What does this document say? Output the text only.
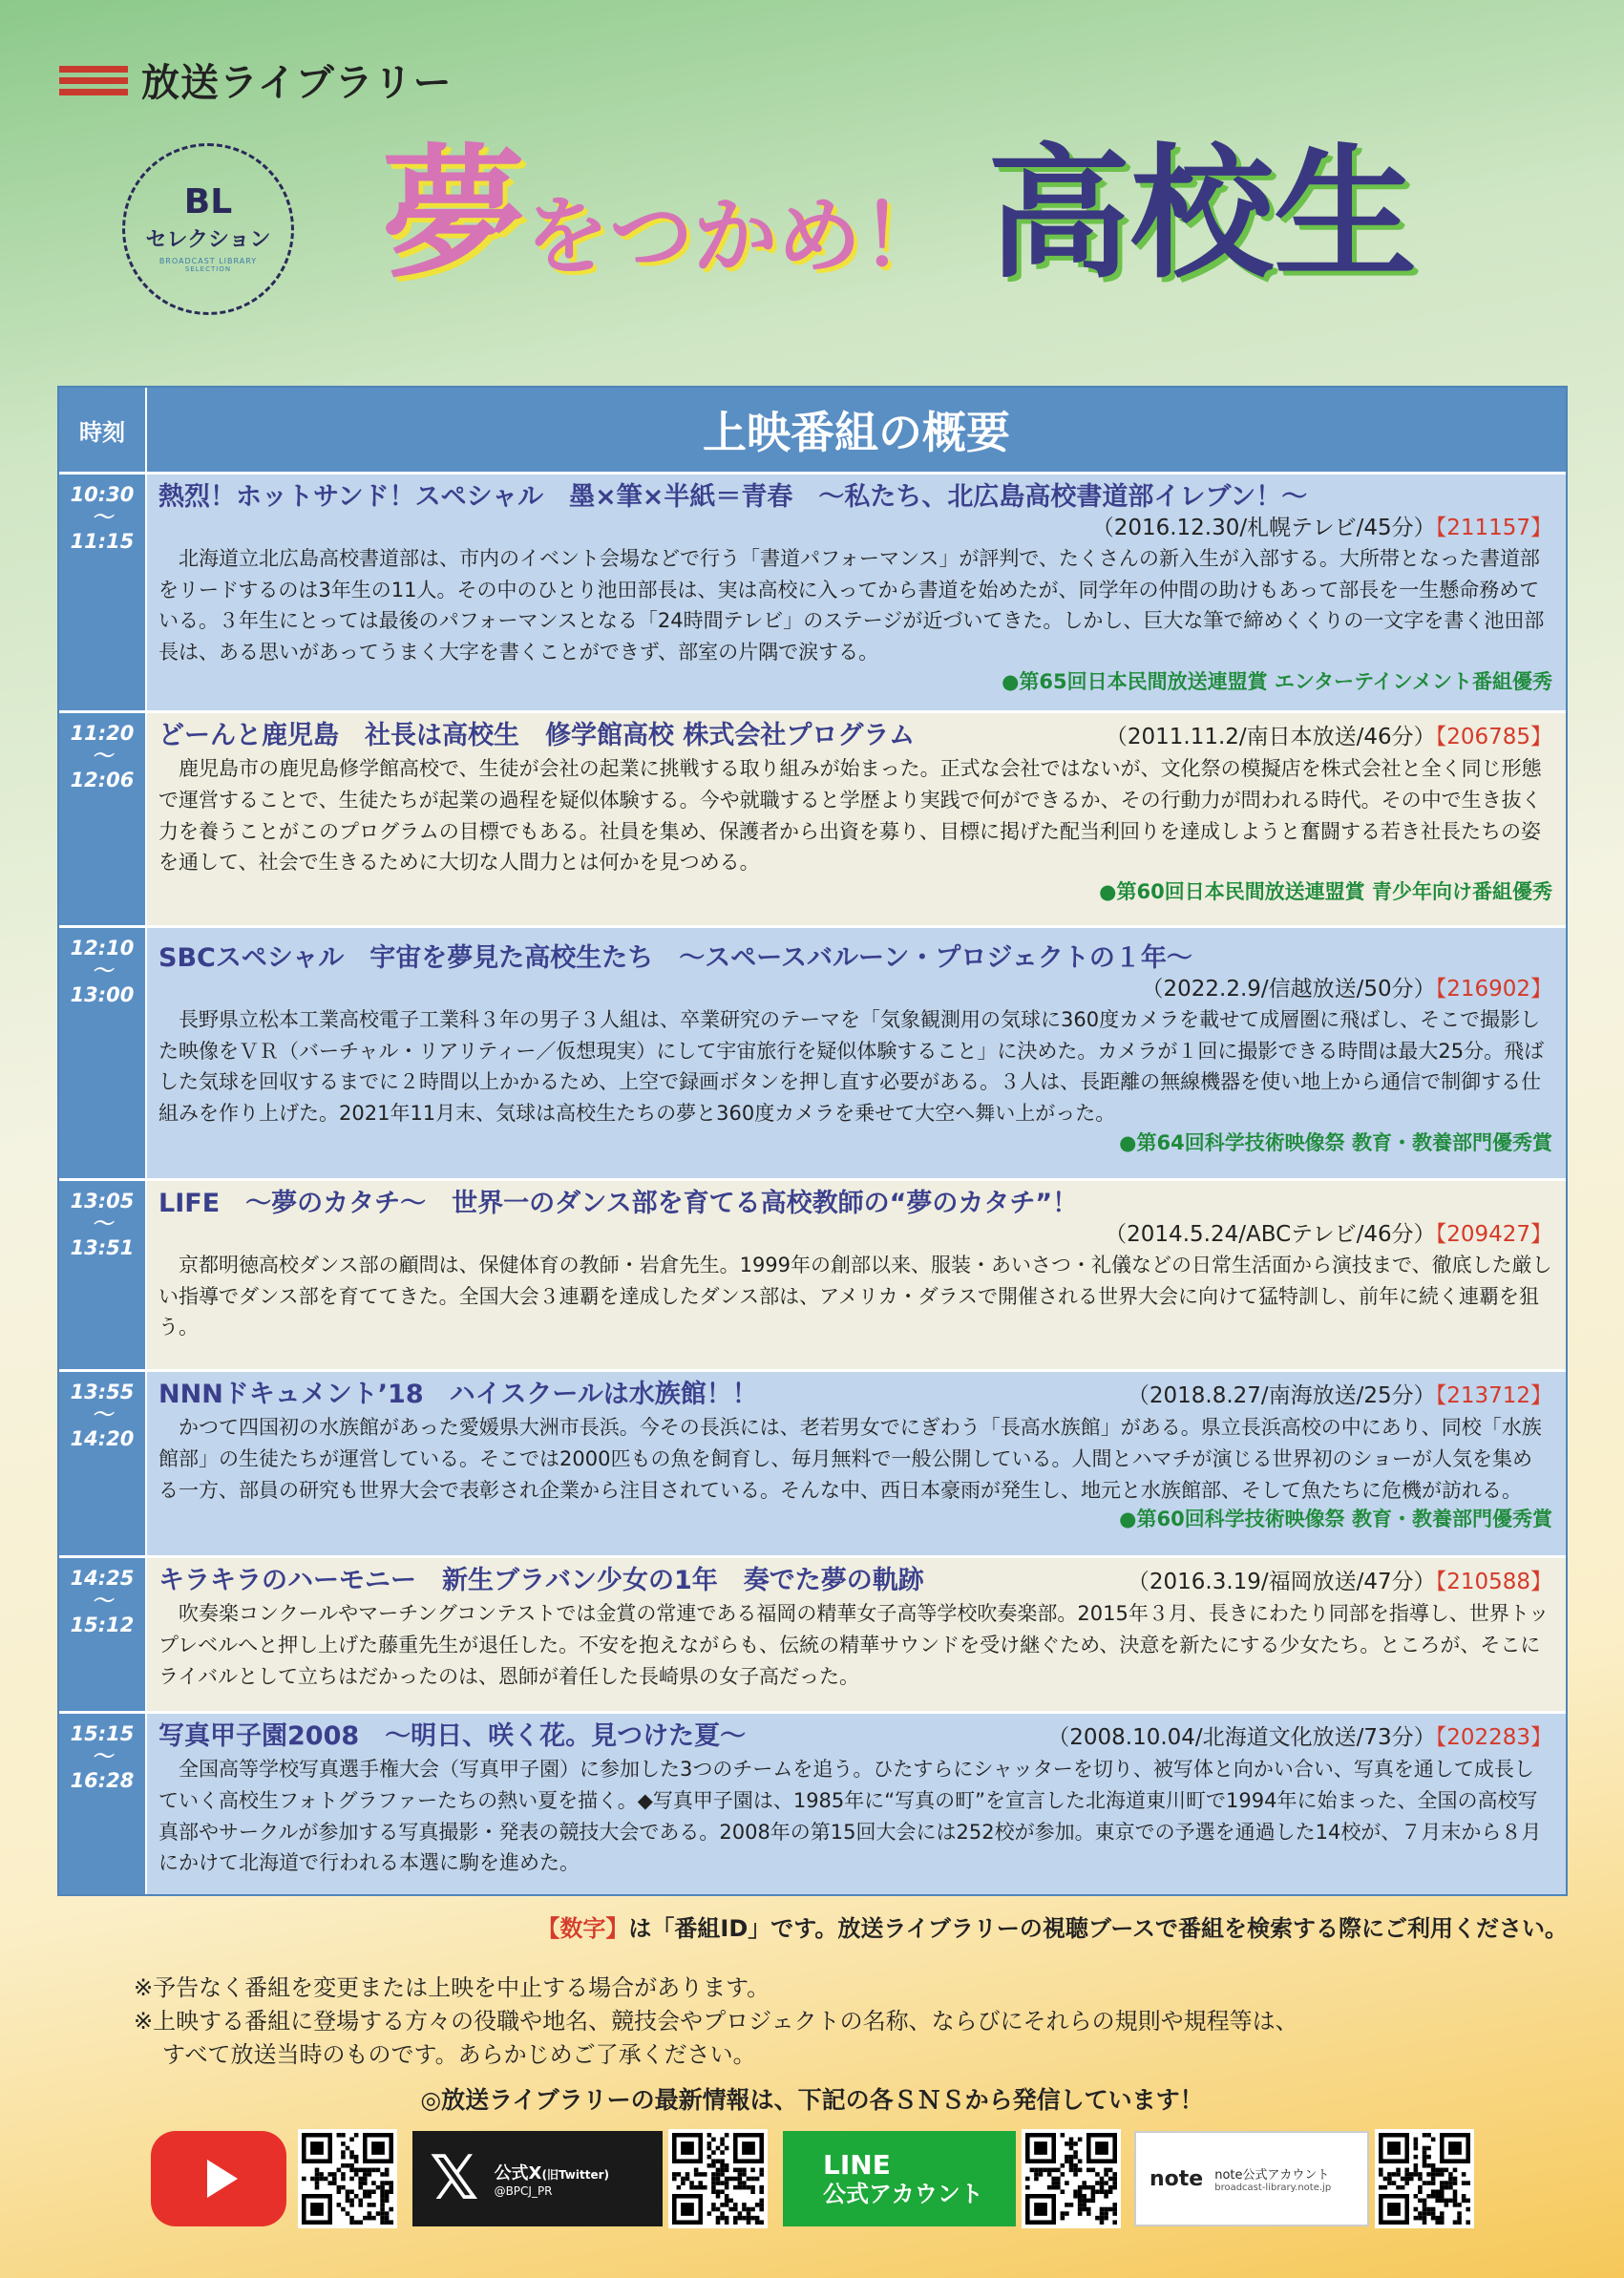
放送ライブラリー
BL
セレクション
BROADCAST LIBRARY
SELECTION 夢 をつかめ！ 高校生
時刻	上映番組の概要
10:30
〜
11:15
熱烈！ホットサンド！スペシャル　墨×筆×半紙＝青春　〜私たち、北広島高校書道部イレブン！〜
（2016.12.30/札幌テレビ/45分）【211157】
北海道立北広島高校書道部は、市内のイベント会場などで行う「書道パフォーマンス」が評判で、たくさんの新入生が入部する。大所帯となった書道部をリードするのは3年生の11人。その中のひとり池田部長は、実は高校に入ってから書道を始めたが、同学年の仲間の助けもあって部長を一生懸命務めている。３年生にとっては最後のパフォーマンスとなる「24時間テレビ」のステージが近づいてきた。しかし、巨大な筆で締めくくりの一文字を書く池田部長は、ある思いがあってうまく大字を書くことができず、部室の片隅で涙する。
●第65回日本民間放送連盟賞 エンターテインメント番組優秀
11:20
〜
12:06
どーんと鹿児島　社長は高校生　修学館高校 株式会社プログラム	（2011.11.2/南日本放送/46分）【206785】
鹿児島市の鹿児島修学館高校で、生徒が会社の起業に挑戦する取り組みが始まった。正式な会社ではないが、文化祭の模擬店を株式会社と全く同じ形態で運営することで、生徒たちが起業の過程を疑似体験する。今や就職すると学歴より実践で何ができるか、その行動力が問われる時代。その中で生き抜く力を養うことがこのプログラムの目標でもある。社員を集め、保護者から出資を募り、目標に掲げた配当利回りを達成しようと奮闘する若き社長たちの姿を通して、社会で生きるために大切な人間力とは何かを見つめる。
●第60回日本民間放送連盟賞 青少年向け番組優秀
12:10
〜
13:00
SBCスペシャル　宇宙を夢見た高校生たち　〜スペースバルーン・プロジェクトの１年〜
（2022.2.9/信越放送/50分）【216902】
長野県立松本工業高校電子工業科３年の男子３人組は、卒業研究のテーマを「気象観測用の気球に360度カメラを載せて成層圏に飛ばし、そこで撮影した映像をＶＲ（バーチャル・リアリティー／仮想現実）にして宇宙旅行を疑似体験すること」に決めた。カメラが１回に撮影できる時間は最大25分。飛ばした気球を回収するまでに２時間以上かかるため、上空で録画ボタンを押し直す必要がある。３人は、長距離の無線機器を使い地上から通信で制御する仕組みを作り上げた。2021年11月末、気球は高校生たちの夢と360度カメラを乗せて大空へ舞い上がった。
●第64回科学技術映像祭 教育・教養部門優秀賞
13:05
〜
13:51
LIFE　〜夢のカタチ〜　世界一のダンス部を育てる高校教師の“夢のカタチ”！
（2014.5.24/ABCテレビ/46分）【209427】
京都明徳高校ダンス部の顧問は、保健体育の教師・岩倉先生。1999年の創部以来、服装・あいさつ・礼儀などの日常生活面から演技まで、徹底した厳しい指導でダンス部を育ててきた。全国大会３連覇を達成したダンス部は、アメリカ・ダラスで開催される世界大会に向けて猛特訓し、前年に続く連覇を狙う。
13:55
〜
14:20
NNNドキュメント’18　ハイスクールは水族館！！	（2018.8.27/南海放送/25分）【213712】
かつて四国初の水族館があった愛媛県大洲市長浜。今その長浜には、老若男女でにぎわう「長高水族館」がある。県立長浜高校の中にあり、同校「水族館部」の生徒たちが運営している。そこでは2000匹もの魚を飼育し、毎月無料で一般公開している。人間とハマチが演じる世界初のショーが人気を集める一方、部員の研究も世界大会で表彰され企業から注目されている。そんな中、西日本豪雨が発生し、地元と水族館部、そして魚たちに危機が訪れる。
●第60回科学技術映像祭 教育・教養部門優秀賞
14:25
〜
15:12
キラキラのハーモニー　新生ブラバン少女の1年　奏でた夢の軌跡	（2016.3.19/福岡放送/47分）【210588】
吹奏楽コンクールやマーチングコンテストでは金賞の常連である福岡の精華女子高等学校吹奏楽部。2015年３月、長きにわたり同部を指導し、世界トップレベルへと押し上げた藤重先生が退任した。不安を抱えながらも、伝統の精華サウンドを受け継ぐため、決意を新たにする少女たち。ところが、そこにライバルとして立ちはだかったのは、恩師が着任した長崎県の女子高だった。
15:15
〜
16:28
写真甲子園2008　〜明日、咲く花。見つけた夏〜	（2008.10.04/北海道文化放送/73分）【202283】
全国高等学校写真選手権大会（写真甲子園）に参加した3つのチームを追う。ひたすらにシャッターを切り、被写体と向かい合い、写真を通して成長していく高校生フォトグラファーたちの熱い夏を描く。◆写真甲子園は、1985年に“写真の町”を宣言した北海道東川町で1994年に始まった、全国の高校写真部やサークルが参加する写真撮影・発表の競技大会である。2008年の第15回大会には252校が参加。東京での予選を通過した14校が、７月末から８月にかけて北海道で行われる本選に駒を進めた。
【数字】は「番組ID」です。放送ライブラリーの視聴ブースで番組を検索する際にご利用ください。
※予告なく番組を変更または上映を中止する場合があります。
※上映する番組に登場する方々の役職や地名、競技会やプロジェクトの名称、ならびにそれらの規則や規程等は、
すべて放送当時のものです。あらかじめご了承ください。
◎放送ライブラリーの最新情報は、下記の各ＳＮＳから発信しています！
𝕏 公式X(旧Twitter)
@BPCJ_PR
LINE
公式アカウント
note note公式アカウント
broadcast-library.note.jp
